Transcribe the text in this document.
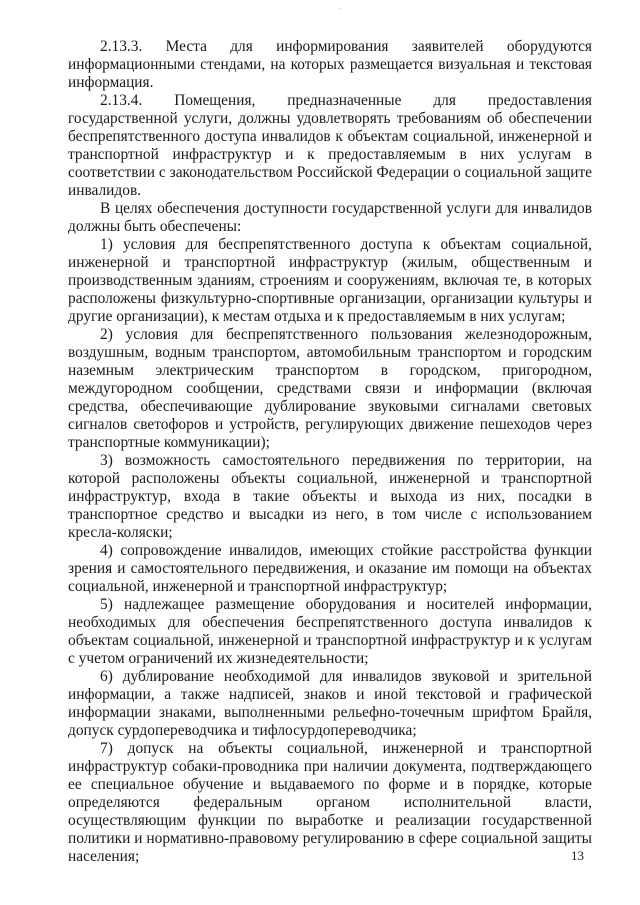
2.13.3. Места для информирования заявителей оборудуются информационными стендами, на которых размещается визуальная и текстовая информация.

2.13.4. Помещения, предназначенные для предоставления государственной услуги, должны удовлетворять требованиям об обеспечении беспрепятственного доступа инвалидов к объектам социальной, инженерной и транспортной инфраструктур и к предоставляемым в них услугам в соответствии с законодательством Российской Федерации о социальной защите инвалидов.

В целях обеспечения доступности государственной услуги для инвалидов должны быть обеспечены:

1) условия для беспрепятственного доступа к объектам социальной, инженерной и транспортной инфраструктур (жилым, общественным и производственным зданиям, строениям и сооружениям, включая те, в которых расположены физкультурно-спортивные организации, организации культуры и другие организации), к местам отдыха и к предоставляемым в них услугам;

2) условия для беспрепятственного пользования железнодорожным, воздушным, водным транспортом, автомобильным транспортом и городским наземным электрическим транспортом в городском, пригородном, междугородном сообщении, средствами связи и информации (включая средства, обеспечивающие дублирование звуковыми сигналами световых сигналов светофоров и устройств, регулирующих движение пешеходов через транспортные коммуникации);

3) возможность самостоятельного передвижения по территории, на которой расположены объекты социальной, инженерной и транспортной инфраструктур, входа в такие объекты и выхода из них, посадки в транспортное средство и высадки из него, в том числе с использованием кресла-коляски;

4) сопровождение инвалидов, имеющих стойкие расстройства функции зрения и самостоятельного передвижения, и оказание им помощи на объектах социальной, инженерной и транспортной инфраструктур;

5) надлежащее размещение оборудования и носителей информации, необходимых для обеспечения беспрепятственного доступа инвалидов к объектам социальной, инженерной и транспортной инфраструктур и к услугам с учетом ограничений их жизнедеятельности;

6) дублирование необходимой для инвалидов звуковой и зрительной информации, а также надписей, знаков и иной текстовой и графической информации знаками, выполненными рельефно-точечным шрифтом Брайля, допуск сурдопереводчика и тифлосурдопереводчика;

7) допуск на объекты социальной, инженерной и транспортной инфраструктур собаки-проводника при наличии документа, подтверждающего ее специальное обучение и выдаваемого по форме и в порядке, которые определяются федеральным органом исполнительной власти, осуществляющим функции по выработке и реализации государственной политики и нормативно-правовому регулированию в сфере социальной защиты населения;	13
